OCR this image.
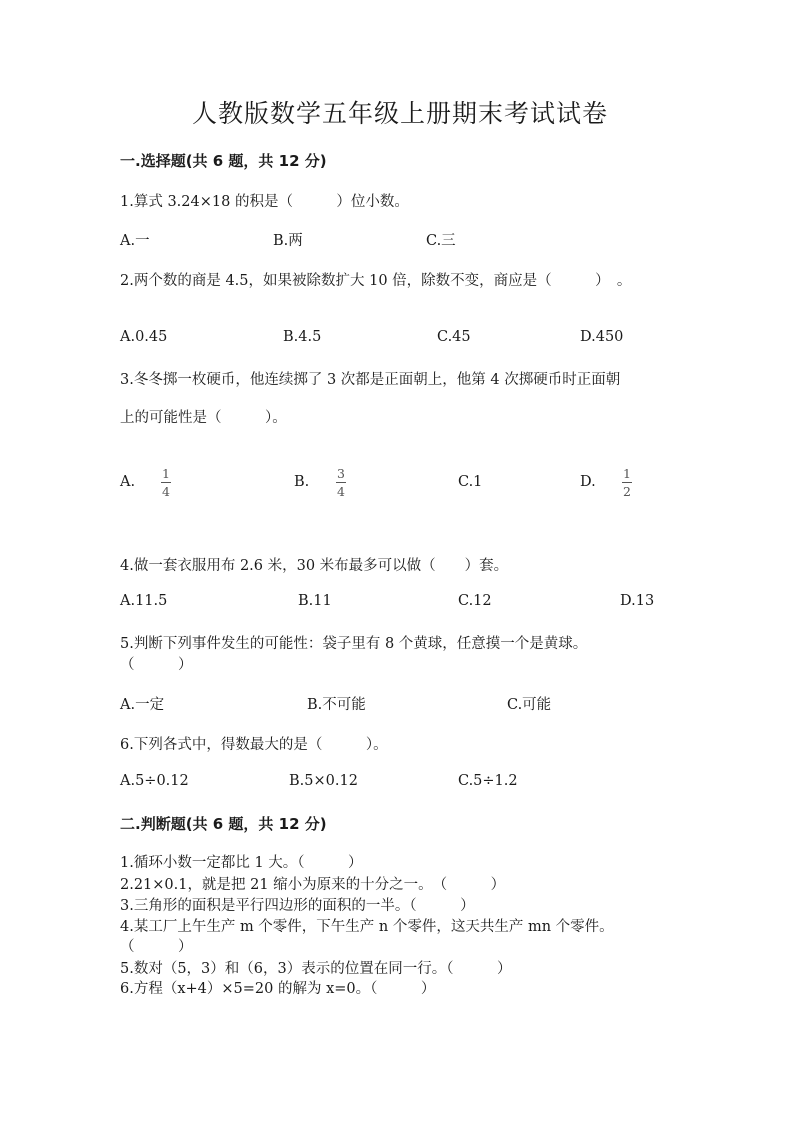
人教版数学五年级上册期末考试试卷
一.选择题(共 6 题，共 12 分)
1.算式 3.24×18 的积是（　　　）位小数。
A.一	B.两	C.三
2.两个数的商是 4.5，如果被除数扩大 10 倍，除数不变，商应是（　　　）　。
A.0.45	B.4.5	C.45	D.450
3.冬冬掷一枚硬币，他连续掷了 3 次都是正面朝上，他第 4 次掷硬币时正面朝
上的可能性是（　　　）。
A.
1
4
B.
3
4
C.1	D.
1
2
4.做一套衣服用布 2.6 米，30 米布最多可以做（　　）套。
A.11.5	B.11	C.12	D.13
5.判断下列事件发生的可能性：袋子里有 8 个黄球，任意摸一个是黄球。
（　　　）
A.一定	B.不可能	C.可能
6.下列各式中，得数最大的是（　　　）。
A.5÷0.12	B.5×0.12	C.5÷1.2
二.判断题(共 6 题，共 12 分)
1.循环小数一定都比 1 大。（　　　）
2.21×0.1，就是把 21 缩小为原来的十分之一。　（　　　）
3.三角形的面积是平行四边形的面积的一半。（　　　）
4.某工厂上午生产 m 个零件，下午生产 n 个零件，这天共生产 mn 个零件。
（　　　）
5.数对（5，3）和（6，3）表示的位置在同一行。（　　　）
6.方程（x+4）×5=20 的解为 x=0。（　　　）
